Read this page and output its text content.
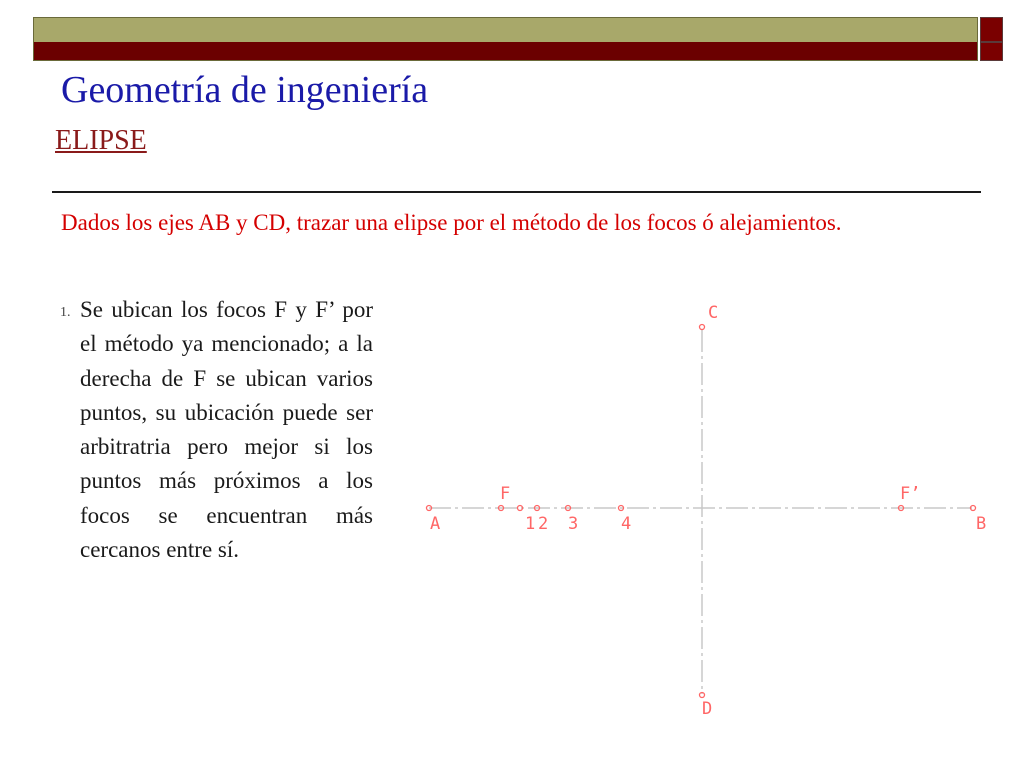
Geometría de ingeniería
ELIPSE
Dados los ejes AB y CD, trazar una elipse por el método de los focos ó alejamientos.
1. Se ubican los focos F y F’ por el método ya mencionado; a la derecha de F se ubican varios puntos, su ubicación puede ser arbitratria pero mejor si los puntos más próximos a los focos se encuentran más cercanos entre sí.
C
D
A	B
F	F’
1 2 3	4
